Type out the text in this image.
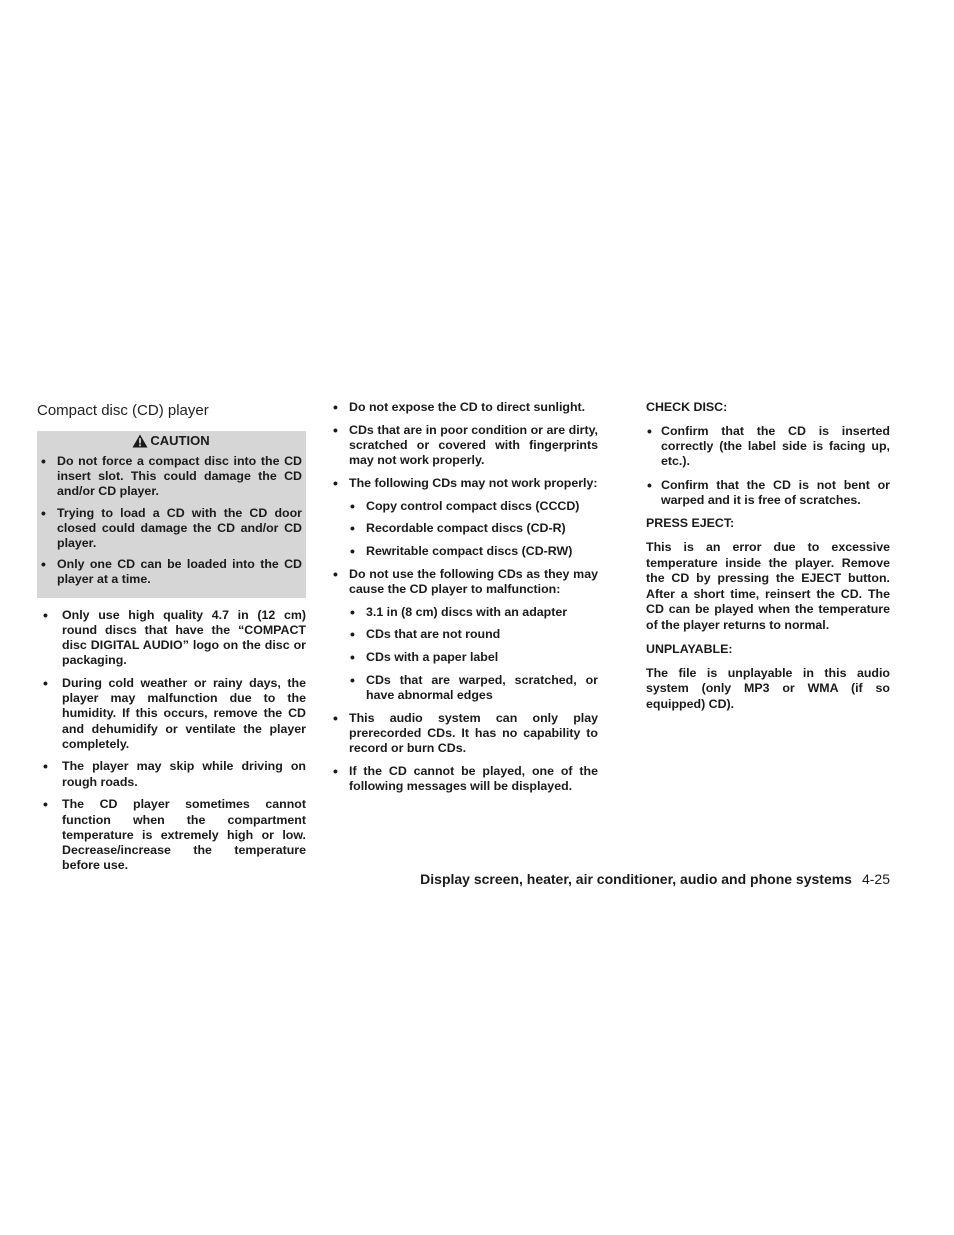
Compact disc (CD) player
CAUTION
• Do not force a compact disc into the CD insert slot. This could damage the CD and/or CD player.
• Trying to load a CD with the CD door closed could damage the CD and/or CD player.
• Only one CD can be loaded into the CD player at a time.
• Only use high quality 4.7 in (12 cm) round discs that have the “COMPACT disc DIGITAL AUDIO” logo on the disc or packaging.
• During cold weather or rainy days, the player may malfunction due to the humidity. If this occurs, remove the CD and dehumidify or ventilate the player completely.
• The player may skip while driving on rough roads.
• The CD player sometimes cannot function when the compartment temperature is extremely high or low. Decrease/increase the temperature before use.
• Do not expose the CD to direct sunlight.
• CDs that are in poor condition or are dirty, scratched or covered with fingerprints may not work properly.
• The following CDs may not work properly:
• Copy control compact discs (CCCD)
• Recordable compact discs (CD-R)
• Rewritable compact discs (CD-RW)
• Do not use the following CDs as they may cause the CD player to malfunction:
• 3.1 in (8 cm) discs with an adapter
• CDs that are not round
• CDs with a paper label
• CDs that are warped, scratched, or have abnormal edges
• This audio system can only play prerecorded CDs. It has no capability to record or burn CDs.
• If the CD cannot be played, one of the following messages will be displayed.
CHECK DISC:
• Confirm that the CD is inserted correctly (the label side is facing up, etc.).
• Confirm that the CD is not bent or warped and it is free of scratches.
PRESS EJECT:

This is an error due to excessive temperature inside the player. Remove the CD by pressing the EJECT button. After a short time, reinsert the CD. The CD can be played when the temperature of the player returns to normal.

UNPLAYABLE:

The file is unplayable in this audio system (only MP3 or WMA (if so equipped) CD).

Display screen, heater, air conditioner, audio and phone systems 4-25
